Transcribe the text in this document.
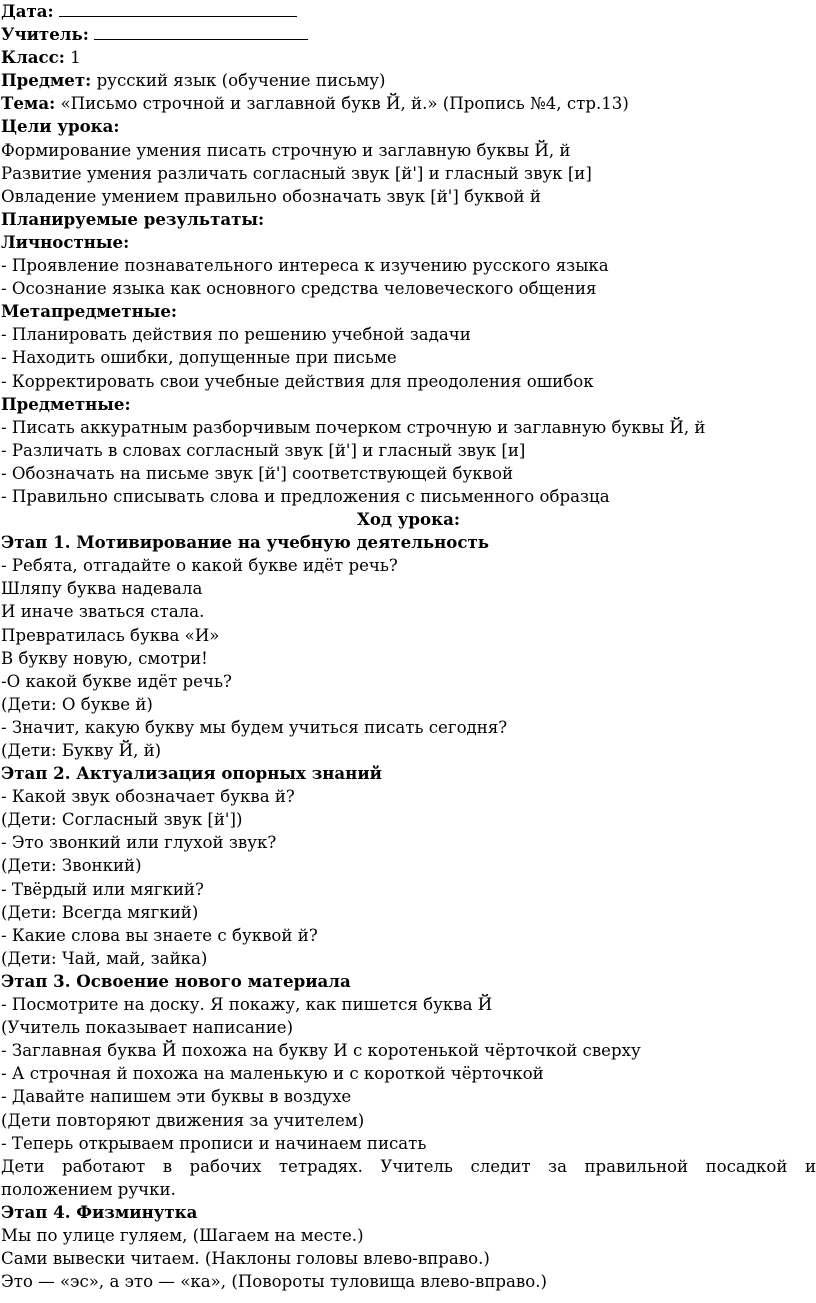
Дата:
Учитель:
Класс: 1
Предмет: русский язык (обучение письму)
Тема: «Письмо строчной и заглавной букв Й, й.» (Пропись №4, стр.13)
Цели урока:
Формирование умения писать строчную и заглавную буквы Й, й
Развитие умения различать согласный звук [й'] и гласный звук [и]
Овладение умением правильно обозначать звук [й'] буквой й
Планируемые результаты:
Личностные:
- Проявление познавательного интереса к изучению русского языка
- Осознание языка как основного средства человеческого общения
Метапредметные:
- Планировать действия по решению учебной задачи
- Находить ошибки, допущенные при письме
- Корректировать свои учебные действия для преодоления ошибок
Предметные:
- Писать аккуратным разборчивым почерком строчную и заглавную буквы Й, й
- Различать в словах согласный звук [й'] и гласный звук [и]
- Обозначать на письме звук [й'] соответствующей буквой
- Правильно списывать слова и предложения с письменного образца
Ход урока:
Этап 1. Мотивирование на учебную деятельность
- Ребята, отгадайте о какой букве идёт речь?
Шляпу буква надевала
И иначе зваться стала.
Превратилась буква «И»
В букву новую, смотри!
-О какой букве идёт речь?
(Дети: О букве й)
- Значит, какую букву мы будем учиться писать сегодня?
(Дети: Букву Й, й)
Этап 2. Актуализация опорных знаний
- Какой звук обозначает буква й?
(Дети: Согласный звук [й'])
- Это звонкий или глухой звук?
(Дети: Звонкий)
- Твёрдый или мягкий?
(Дети: Всегда мягкий)
- Какие слова вы знаете с буквой й?
(Дети: Чай, май, зайка)
Этап 3. Освоение нового материала
- Посмотрите на доску. Я покажу, как пишется буква Й
(Учитель показывает написание)
- Заглавная буква Й похожа на букву И с коротенькой чёрточкой сверху
- А строчная й похожа на маленькую и с короткой чёрточкой
- Давайте напишем эти буквы в воздухе
(Дети повторяют движения за учителем)
- Теперь открываем прописи и начинаем писать
Дети работают в рабочих тетрадях. Учитель следит за правильной посадкой и
положением ручки.
Этап 4. Физминутка
Мы по улице гуляем, (Шагаем на месте.)
Сами вывески читаем. (Наклоны головы влево-вправо.)
Это — «эс», а это — «ка», (Повороты туловища влево-вправо.)
